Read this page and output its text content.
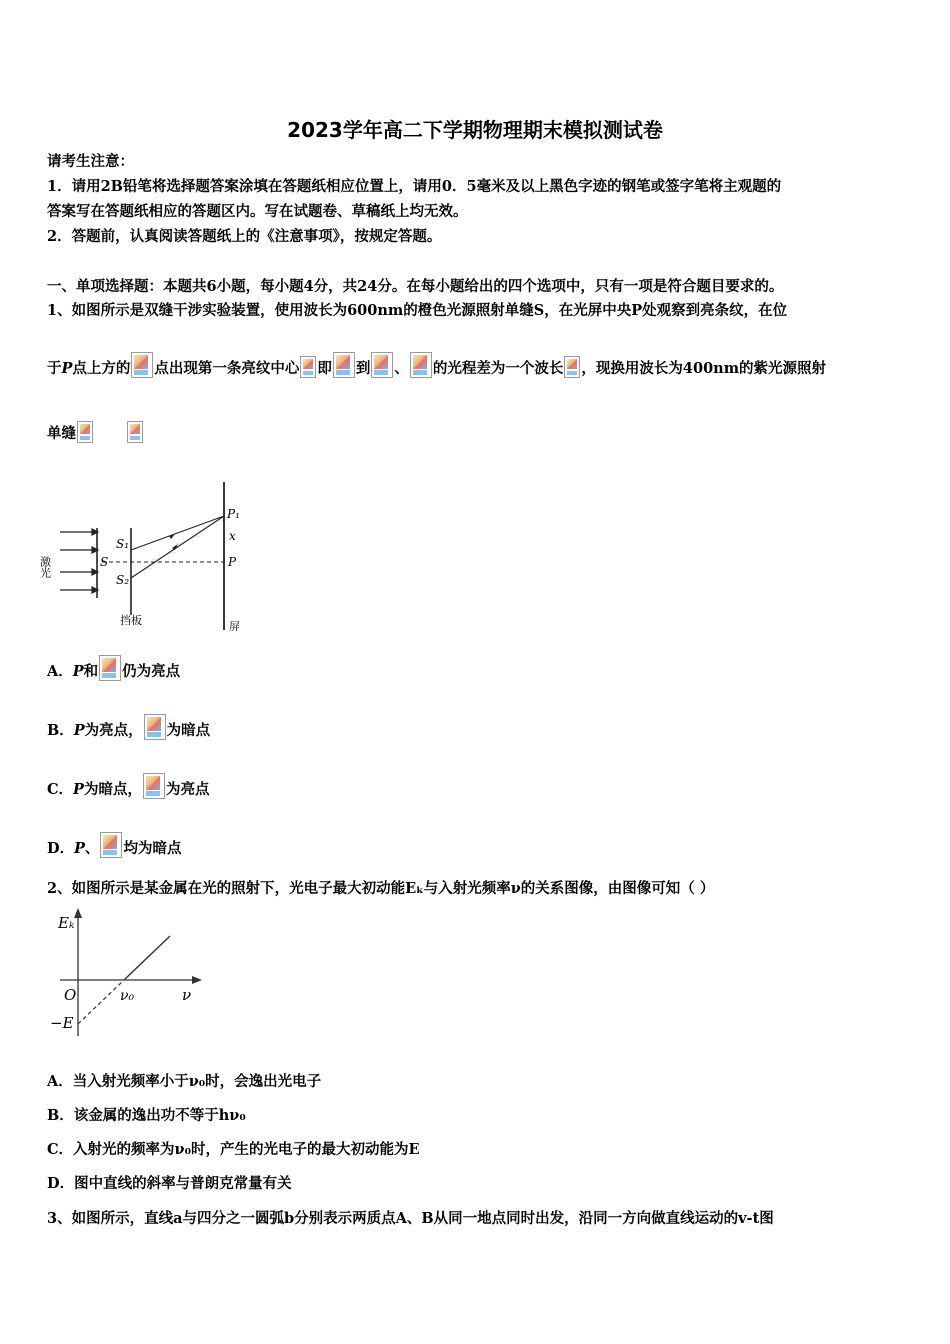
2023学年高二下学期物理期末模拟测试卷
请考生注意：
1．请用2B铅笔将选择题答案涂填在答题纸相应位置上，请用0．5毫米及以上黑色字迹的钢笔或签字笔将主观题的
答案写在答题纸相应的答题区内。写在试题卷、草稿纸上均无效。
2．答题前，认真阅读答题纸上的《注意事项》，按规定答题。
一、单项选择题：本题共6小题，每小题4分，共24分。在每小题给出的四个选项中，只有一项是符合题目要求的。
1、如图所示是双缝干涉实验装置，使用波长为600nm的橙色光源照射单缝S，在光屏中央P处观察到亮条纹，在位
于P点上方的 点出现第一条亮纹中心 即 到 、 的光程差为一个波长 ，现换用波长为400nm的紫光源照射
单缝
激光	S
S₁
S₂
P₁
x
P
挡板	屏
A．P和 仍为亮点
B．P为亮点， 为暗点
C．P为暗点， 为亮点
D．P、 均为暗点
2、如图所示是某金属在光的照射下，光电子最大初动能Eₖ与入射光频率ν的关系图像，由图像可知（ ）
Eₖ
ν
O	ν₀
−E
A．当入射光频率小于ν₀时，会逸出光电子
B．该金属的逸出功不等于hν₀
C．入射光的频率为ν₀时，产生的光电子的最大初动能为E
D．图中直线的斜率与普朗克常量有关
3、如图所示，直线a与四分之一圆弧b分别表示两质点A、B从同一地点同时出发，沿同一方向做直线运动的v-t图
